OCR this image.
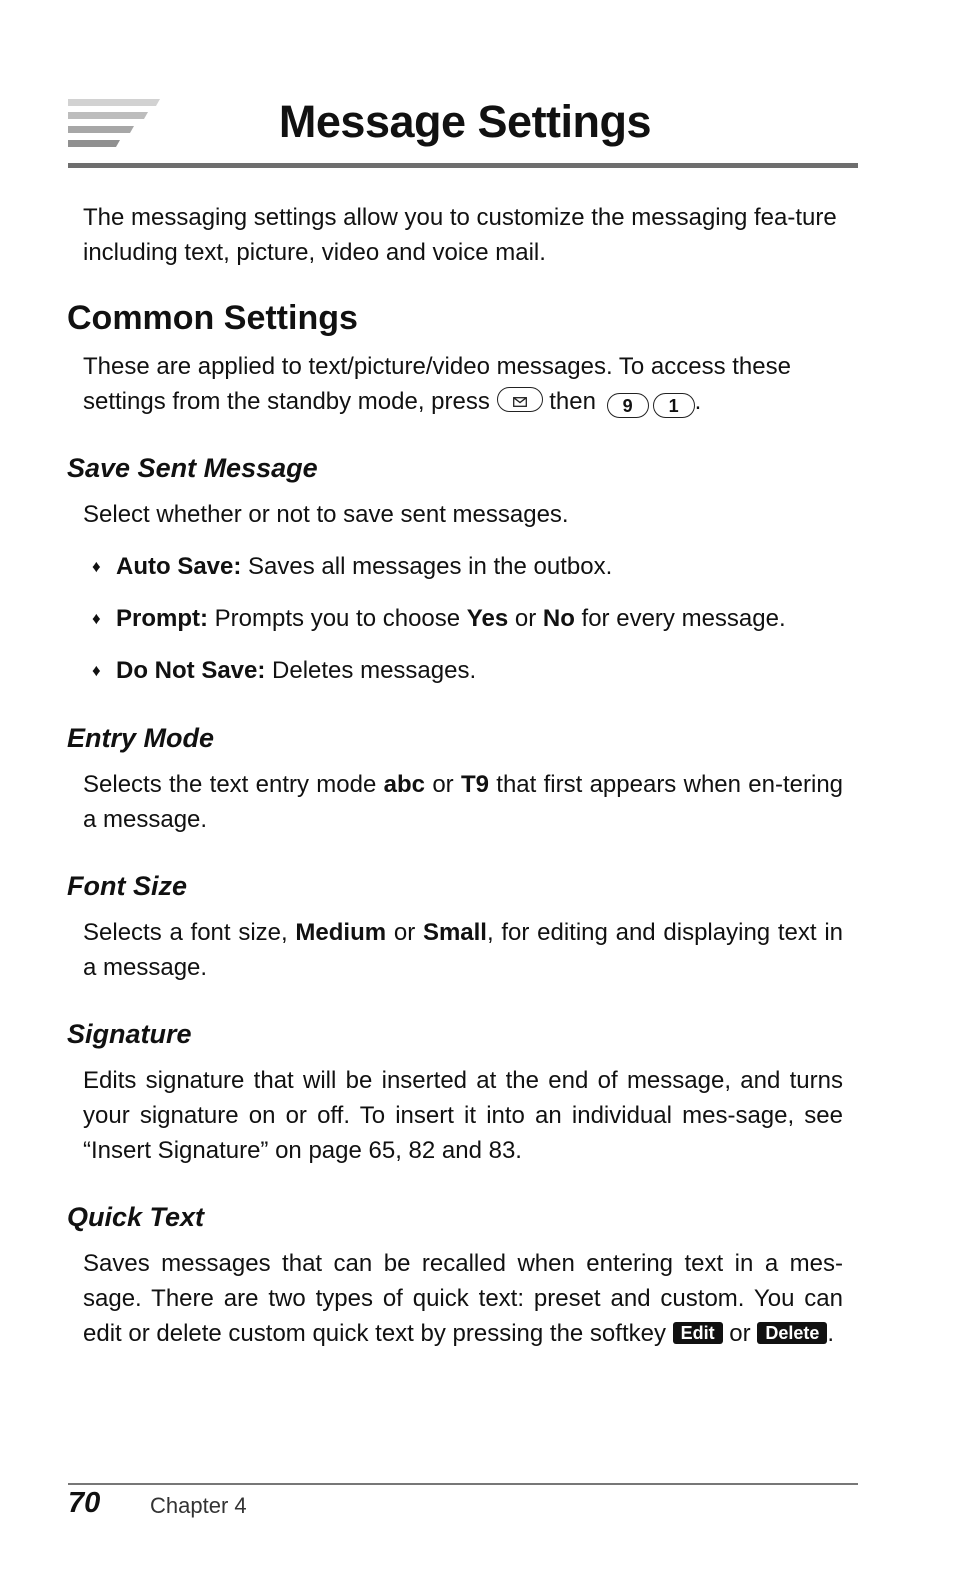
Message Settings

The messaging settings allow you to customize the messaging fea-ture including text, picture, video and voice mail.

Common Settings

These are applied to text/picture/video messages. To access these
settings from the standby mode, press then 9 1 .

Save Sent Message

Select whether or not to save sent messages.

♦ Auto Save: Saves all messages in the outbox.
♦ Prompt: Prompts you to choose Yes or No for every message.
♦ Do Not Save: Deletes messages.
Entry Mode

Selects the text entry mode abc or T9 that first appears when en-tering a message.

Font Size

Selects a font size, Medium or Small, for editing and displaying text in a message.

Signature

Edits signature that will be inserted at the end of message, and turns your signature on or off. To insert it into an individual mes-sage, see “Insert Signature” on page 65, 82 and 83.

Quick Text

Saves messages that can be recalled when entering text in a mes-sage. There are two types of quick text: preset and custom. You can edit or delete custom quick text by pressing the softkey Edit or Delete .

70 Chapter 4
